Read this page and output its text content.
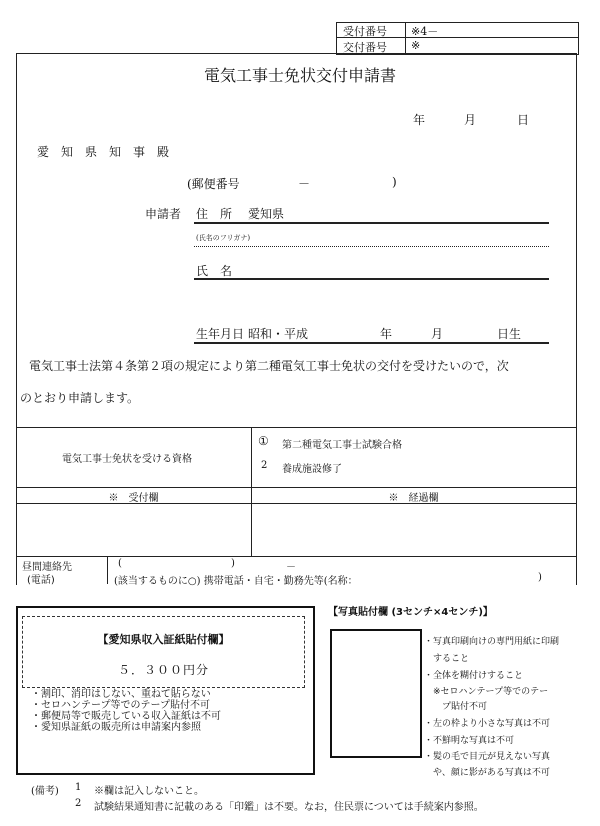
受付番号 ※4－
交付番号 ※
電気工事士免状交付申請書
年	月	日
愛　知　県　知　事　殿
(郵便番号	－	)
申請者 住　所 愛知県
(氏名のフリガナ)
氏　名
生年月日 昭和・平成	年	月	日生
電気工事士法第４条第２項の規定により第二種電気工事士免状の交付を受けたいので，次
のとおり申請します。
電気工事士免状を受ける資格
① 第二種電気工事士試験合格
2 養成施設修了
※　受付欄	※　経過欄
昼間連絡先
(電話)
(	)	－
(該当するものに○) 携帯電話・自宅・勤務先等(名称：	)
【愛知県収入証紙貼付欄】
５．３００円分
・割印、消印はしない、重ねて貼らない
・セロハンテープ等でのテープ貼付不可
・郵便局等で販売している収入証紙は不可
・愛知県証紙の販売所は申請案内参照
【写真貼付欄 (3センチ×4センチ)】
・写真印刷向けの専門用紙に印刷
　すること
・全体を糊付けすること
　※セロハンテープ等でのテー
　　プ貼付不可
・左の枠より小さな写真は不可
・不鮮明な写真は不可
・髪の毛で目元が見えない写真
　や、顔に影がある写真は不可
(備考) 1 ※欄は記入しないこと。
2 試験結果通知書に記載のある「印鑑」は不要。なお，住民票については手続案内参照。
